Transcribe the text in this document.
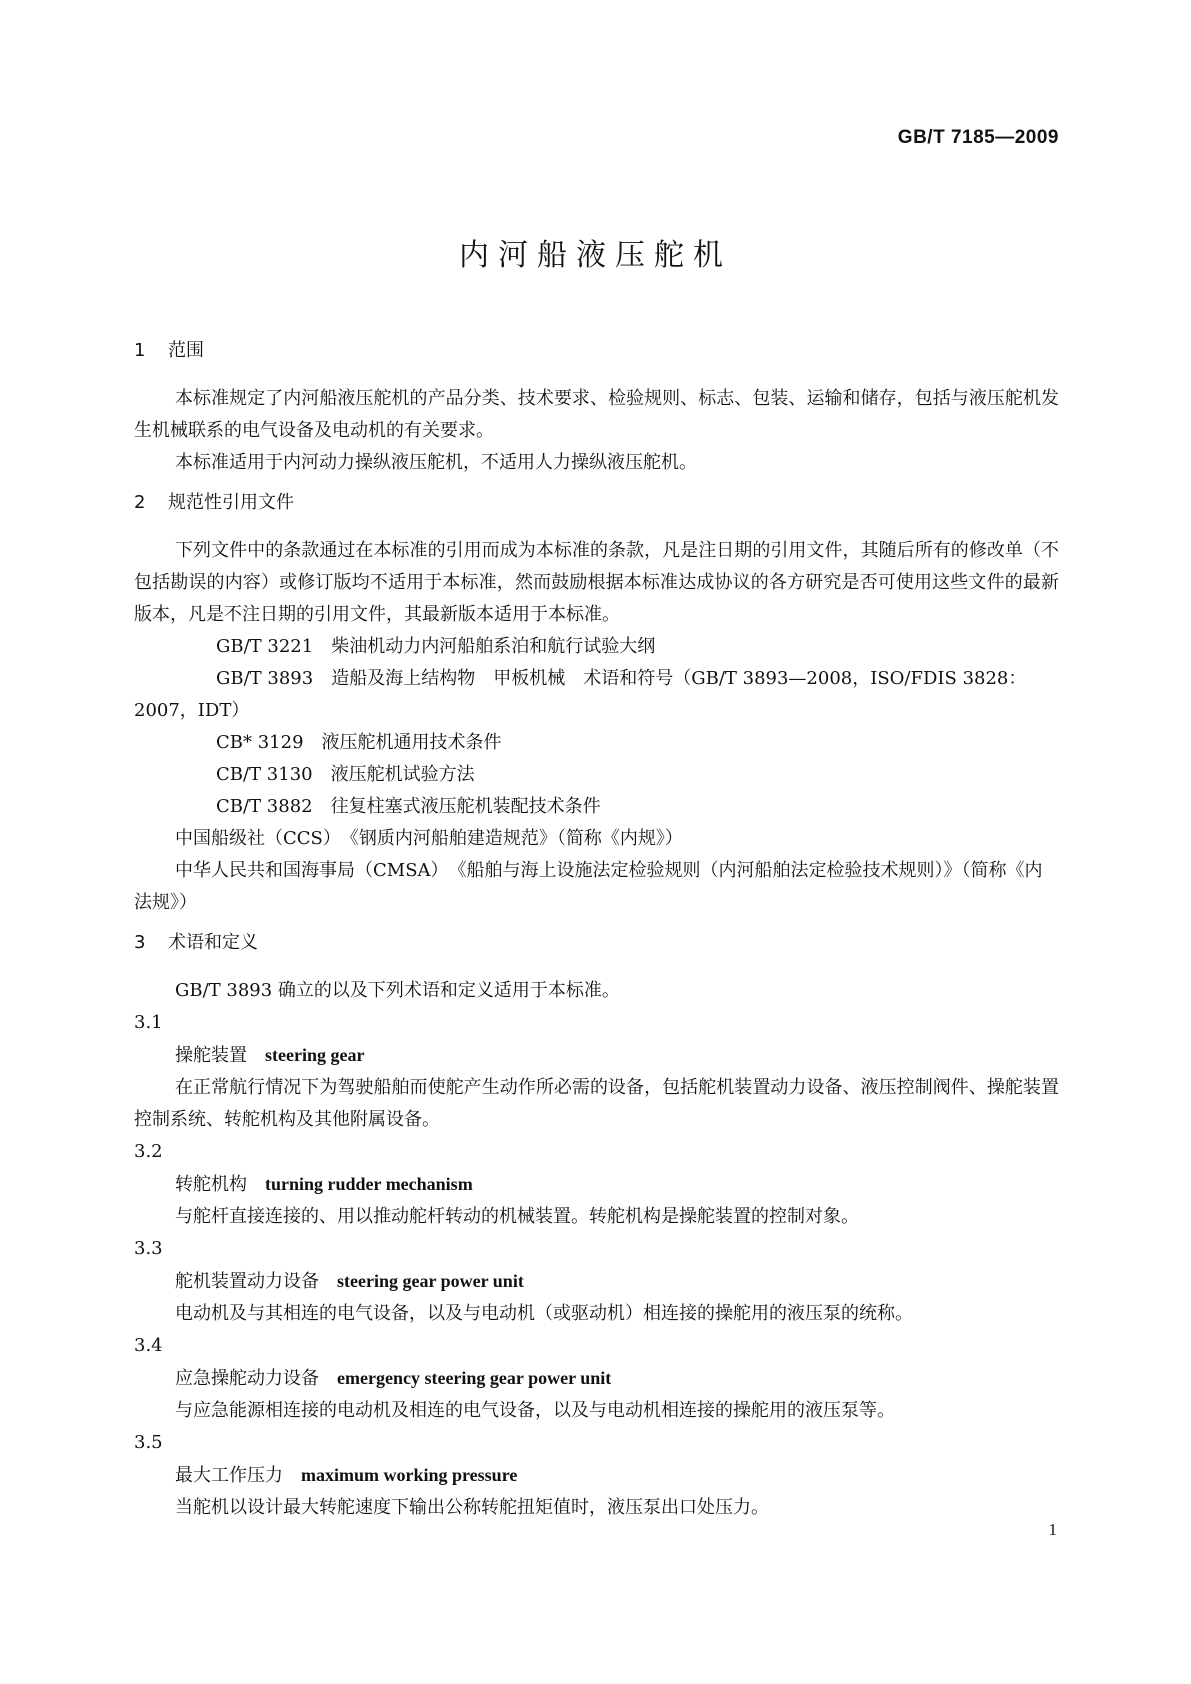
GB/T 7185—2009
内河船液压舵机
1 范围

本标准规定了内河船液压舵机的产品分类、技术要求、检验规则、标志、包装、运输和储存，包括与液压舵机发生机械联系的电气设备及电动机的有关要求。

本标准适用于内河动力操纵液压舵机，不适用人力操纵液压舵机。

2 规范性引用文件

下列文件中的条款通过在本标准的引用而成为本标准的条款，凡是注日期的引用文件，其随后所有的修改单（不包括勘误的内容）或修订版均不适用于本标准，然而鼓励根据本标准达成协议的各方研究是否可使用这些文件的最新版本，凡是不注日期的引用文件，其最新版本适用于本标准。

GB/T 3221　 柴油机动力内河船舶系泊和航行试验大纲

GB/T 3893　 造船及海上结构物　甲板机械　术语和符号（GB/T 3893—2008，ISO/FDIS 3828：2007，IDT）

CB* 3129　 液压舵机通用技术条件

CB/T 3130　 液压舵机试验方法

CB/T 3882　 往复柱塞式液压舵机装配技术条件

中国船级社（CCS）　 《钢质内河船舶建造规范》（简称《内规》）

中华人民共和国海事局（CMSA）　 《船舶与海上设施法定检验规则（内河船舶法定检验技术规则）》（简称《内法规》）

3 术语和定义

GB/T 3893 确立的以及下列术语和定义适用于本标准。

3.1

操舵装置 steering gear

在正常航行情况下为驾驶船舶而使舵产生动作所必需的设备，包括舵机装置动力设备、液压控制阀件、操舵装置控制系统、转舵机构及其他附属设备。

3.2

转舵机构 turning rudder mechanism

与舵杆直接连接的、用以推动舵杆转动的机械装置。转舵机构是操舵装置的控制对象。

3.3

舵机装置动力设备 steering gear power unit

电动机及与其相连的电气设备，以及与电动机（或驱动机）相连接的操舵用的液压泵的统称。

3.4

应急操舵动力设备 emergency steering gear power unit

与应急能源相连接的电动机及相连的电气设备，以及与电动机相连接的操舵用的液压泵等。

3.5

最大工作压力 maximum working pressure

当舵机以设计最大转舵速度下输出公称转舵扭矩值时，液压泵出口处压力。

1
